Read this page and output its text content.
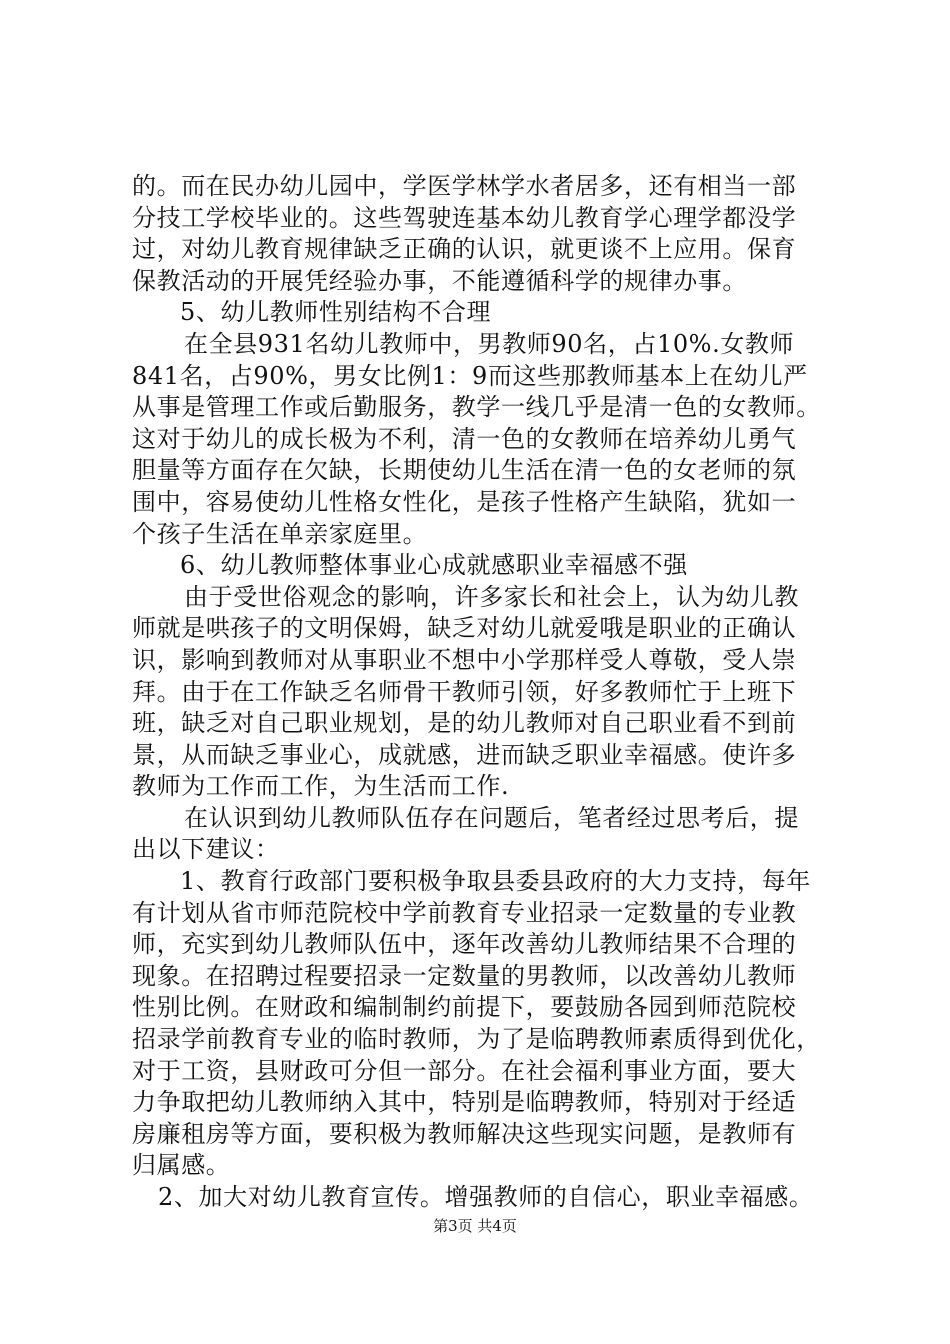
的。而在民办幼儿园中，学医学林学水者居多，还有相当一部
分技工学校毕业的。这些驾驶连基本幼儿教育学心理学都没学
过，对幼儿教育规律缺乏正确的认识，就更谈不上应用。保育
保教活动的开展凭经验办事，不能遵循科学的规律办事。
5、幼儿教师性别结构不合理
在全县931名幼儿教师中，男教师90名，占10%.女教师
841名，占90%，男女比例1：9而这些那教师基本上在幼儿严
从事是管理工作或后勤服务，教学一线几乎是清一色的女教师。
这对于幼儿的成长极为不利，清一色的女教师在培养幼儿勇气
胆量等方面存在欠缺，长期使幼儿生活在清一色的女老师的氛
围中，容易使幼儿性格女性化，是孩子性格产生缺陷，犹如一
个孩子生活在单亲家庭里。
6、幼儿教师整体事业心成就感职业幸福感不强
由于受世俗观念的影响，许多家长和社会上，认为幼儿教
师就是哄孩子的文明保姆，缺乏对幼儿就爱哦是职业的正确认
识，影响到教师对从事职业不想中小学那样受人尊敬，受人崇
拜。由于在工作缺乏名师骨干教师引领，好多教师忙于上班下
班，缺乏对自己职业规划，是的幼儿教师对自己职业看不到前
景，从而缺乏事业心，成就感，进而缺乏职业幸福感。使许多
教师为工作而工作，为生活而工作.
在认识到幼儿教师队伍存在问题后，笔者经过思考后，提
出以下建议：
1、教育行政部门要积极争取县委县政府的大力支持，每年
有计划从省市师范院校中学前教育专业招录一定数量的专业教
师，充实到幼儿教师队伍中，逐年改善幼儿教师结果不合理的
现象。在招聘过程要招录一定数量的男教师，以改善幼儿教师
性别比例。在财政和编制制约前提下，要鼓励各园到师范院校
招录学前教育专业的临时教师，为了是临聘教师素质得到优化，
对于工资，县财政可分但一部分。在社会福利事业方面，要大
力争取把幼儿教师纳入其中，特别是临聘教师，特别对于经适
房廉租房等方面，要积极为教师解决这些现实问题，是教师有
归属感。
2、加大对幼儿教育宣传。增强教师的自信心，职业幸福感。
第3页 共4页
